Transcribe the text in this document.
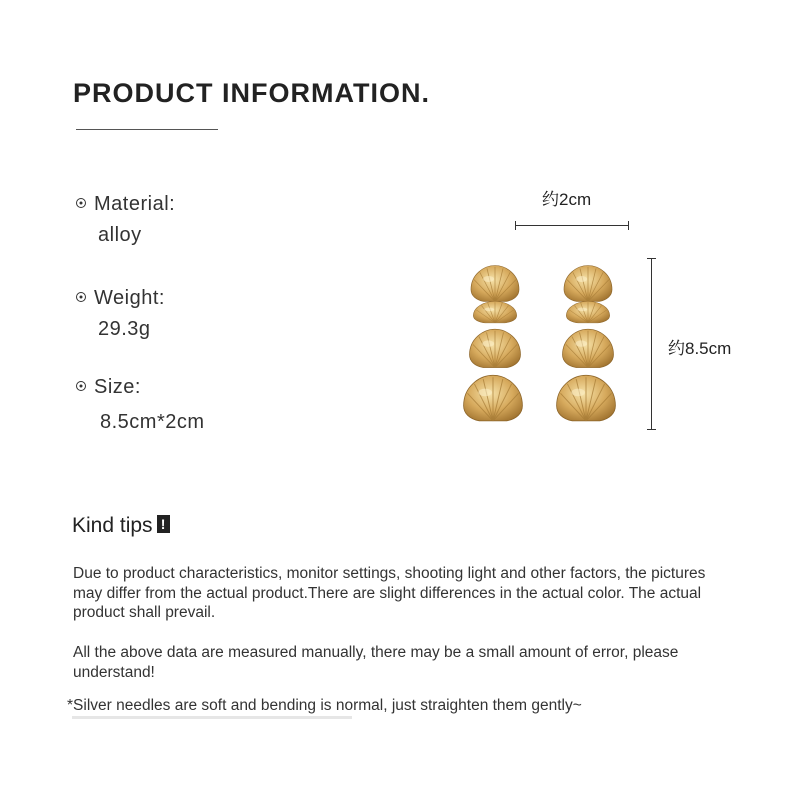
PRODUCT INFORMATION.
Material:
alloy
Weight:
29.3g
Size:
8.5cm*2cm
约2cm
约8.5cm
Kind tips !

Due to product characteristics, monitor settings, shooting light and other factors, the pictures may differ from the actual product.There are slight differences in the actual color. The actual product shall prevail.

All the above data are measured manually, there may be a small amount of error, please understand!

*Silver needles are soft and bending is normal, just straighten them gently~
